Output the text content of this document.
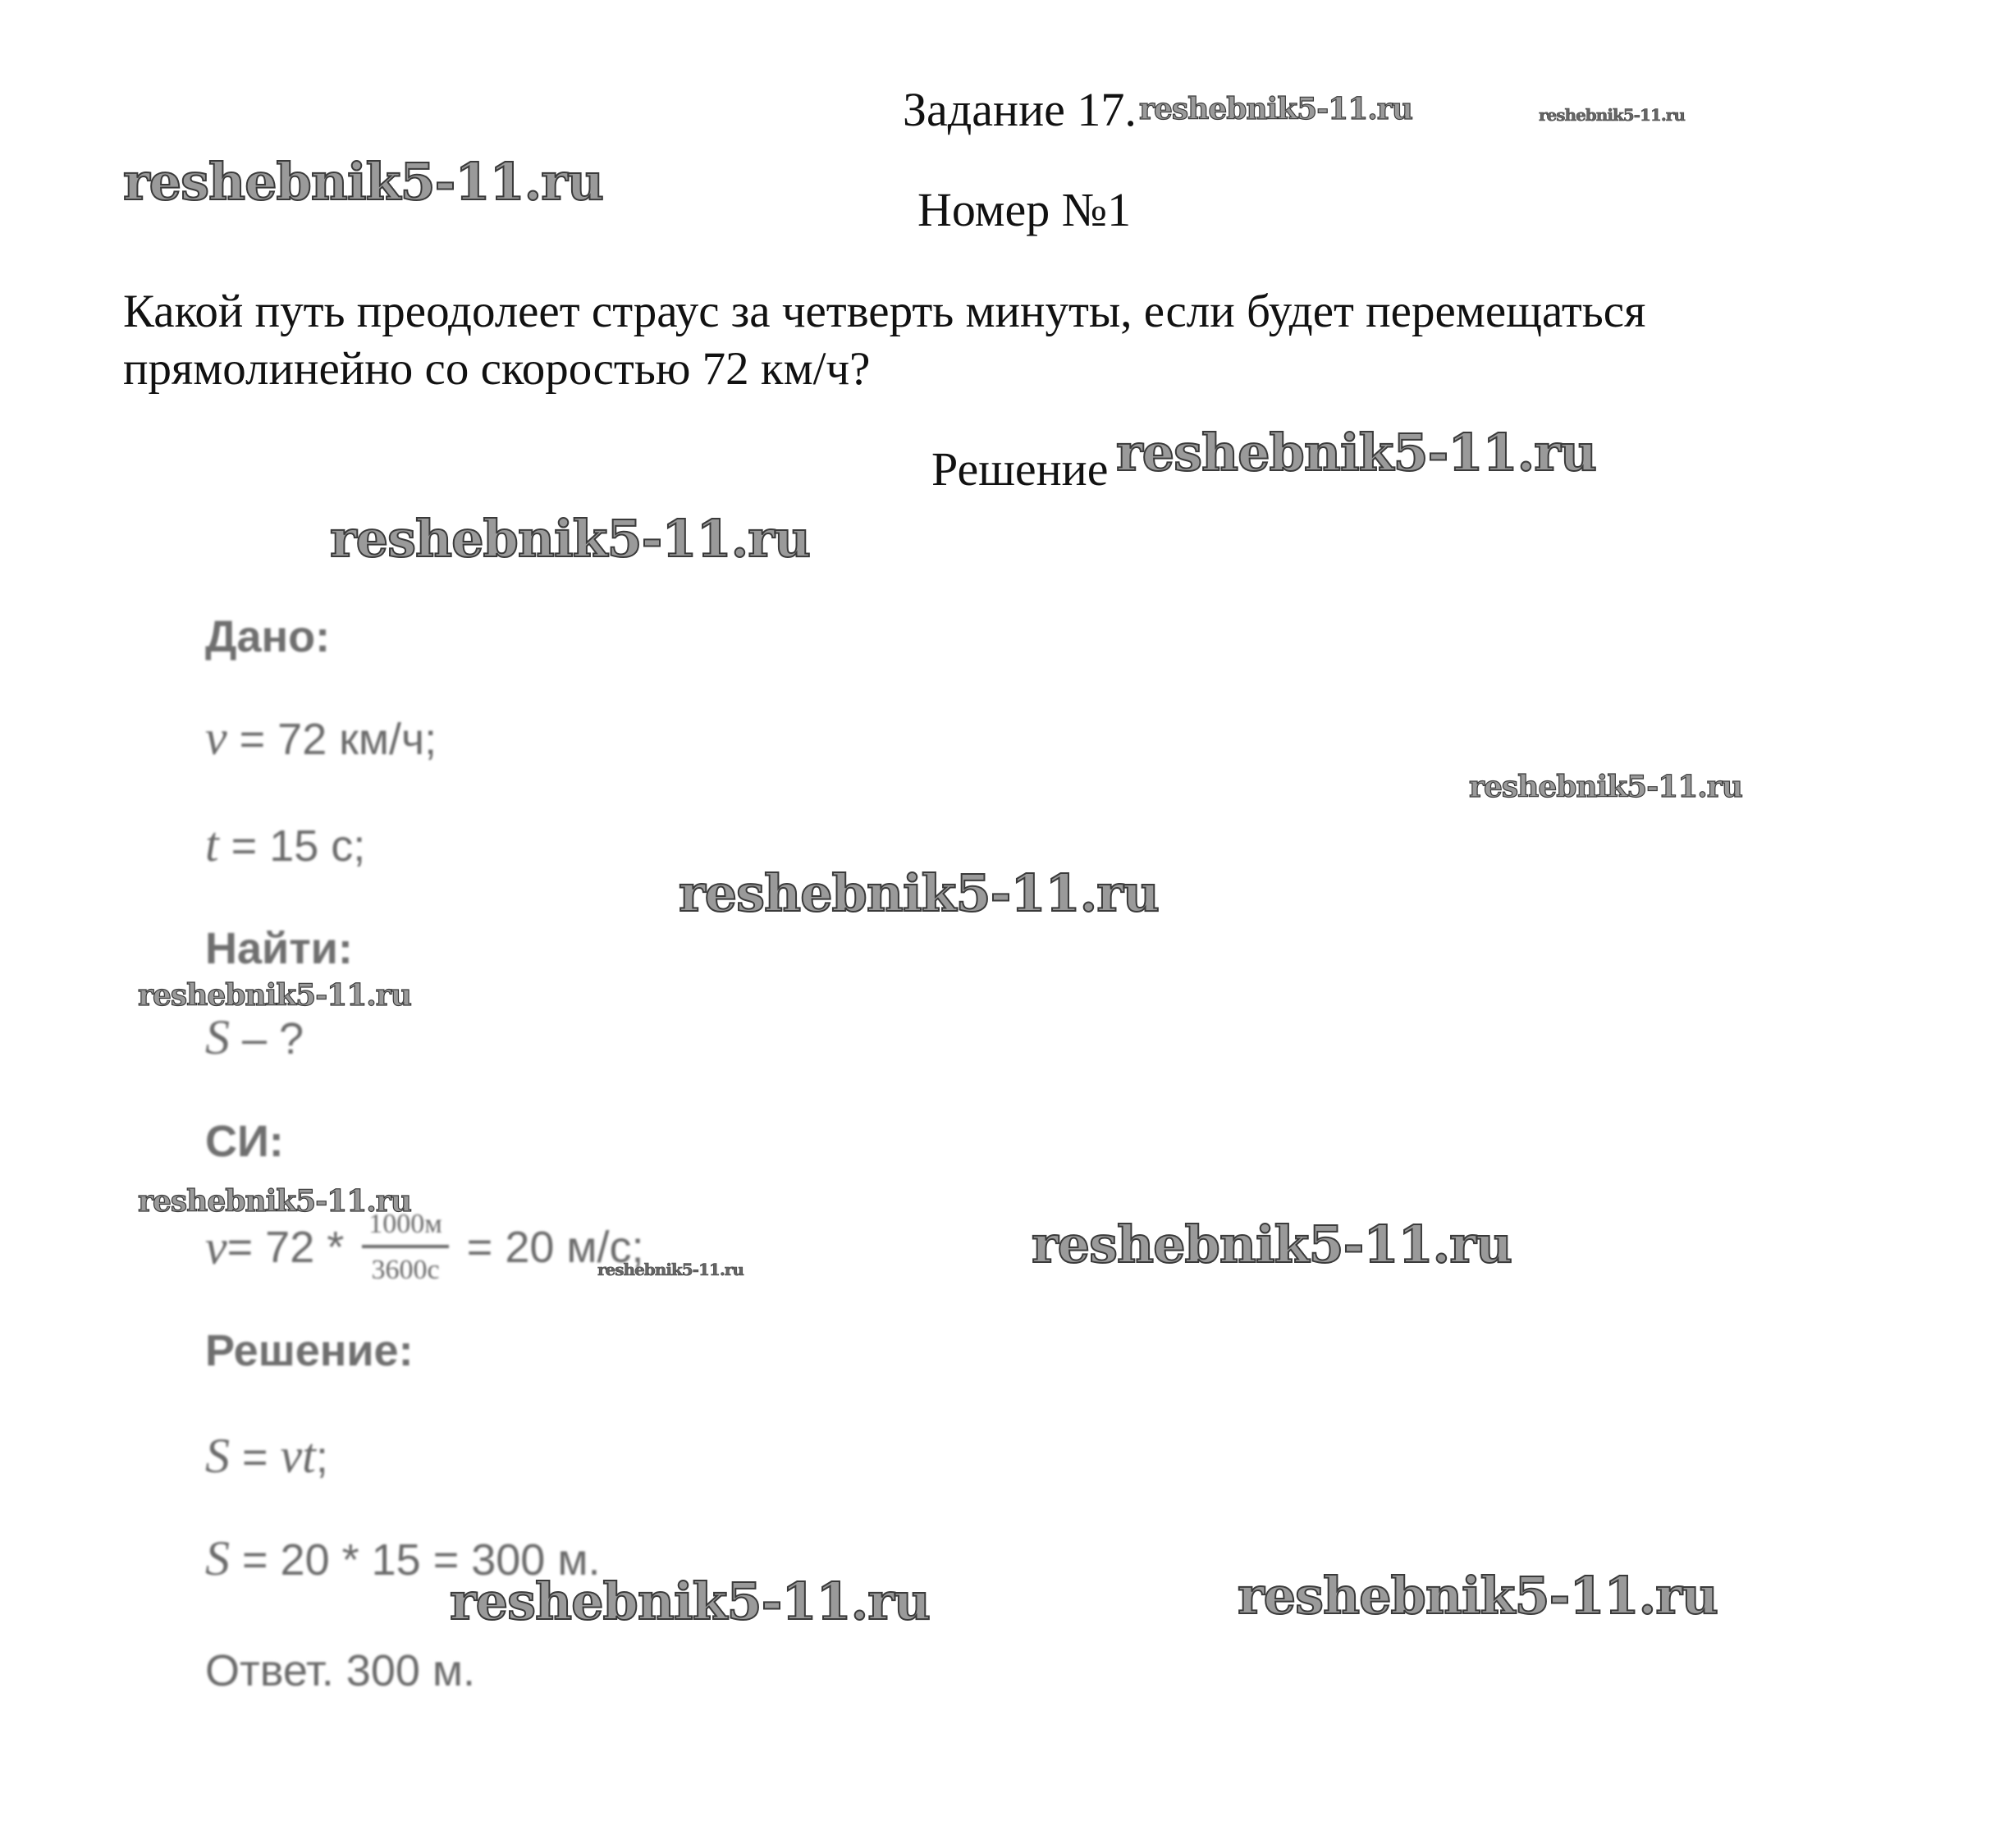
Задание 17.
Номер №1
Какой путь преодолеет страус за четверть минуты, если будет перемещаться
прямолинейно со скоростью 72 км/ч?
Решение
Дано:
v = 72 км/ч;
t = 15 с;
Найти:
S – ?
СИ:
$v = 72 * \frac{1000м}{3600с} = 20$ м/с;
Решение:
S = vt;
S = 20 * 15 = 300 м.
Ответ. 300 м.
reshebnik5-11.ru
reshebnik5-11.ru	reshebnik5-11.ru
reshebnik5-11.ru
reshebnik5-11.ru
reshebnik5-11.ru
reshebnik5-11.ru
reshebnik5-11.ru
reshebnik5-11.ru
reshebnik5-11.ru	reshebnik5-11.ru
reshebnik5-11.ru	reshebnik5-11.ru
